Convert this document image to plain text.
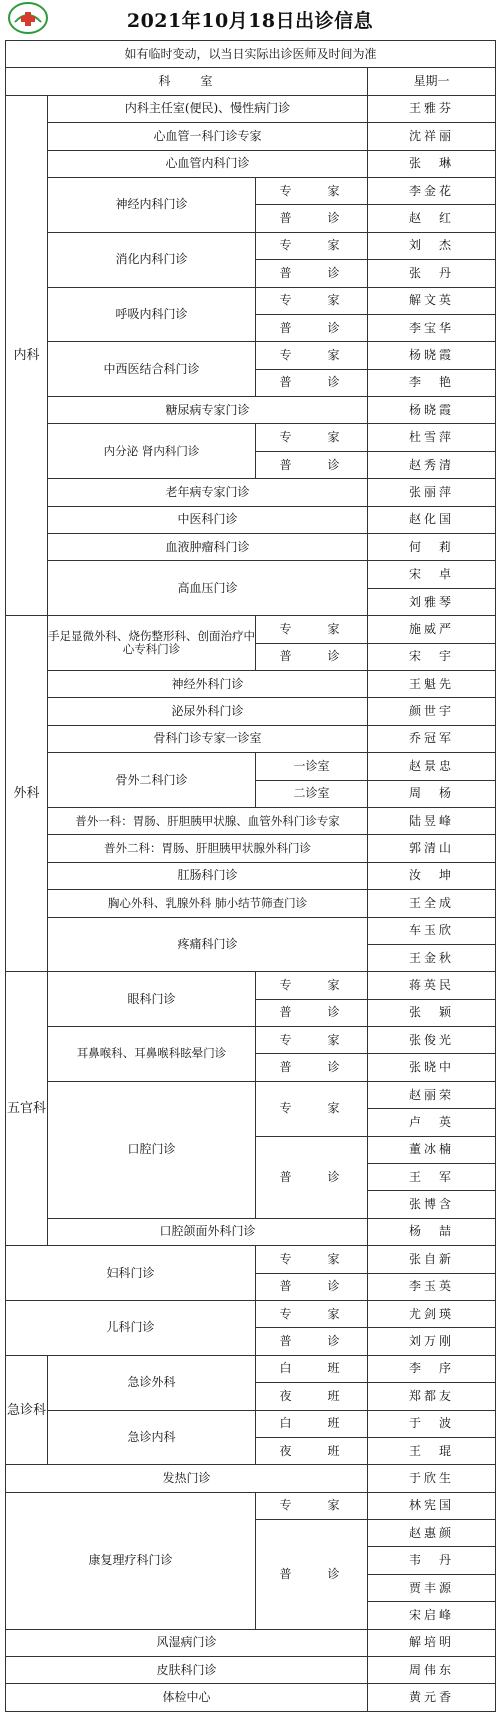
2021年10月18日出诊信息
如有临时变动，以当日实际出诊医师及时间为准				
科　　室			星期一	
内科	内科主任室(便民)、慢性病门诊		王雅芬	
	心血管一科门诊专家		沈祥丽	
	心血管内科门诊		张　琳	
	神经内科门诊	专　　家	李金花	
		普　　诊	赵　红	
	消化内科门诊	专　　家	刘　杰	
		普　　诊	张　丹	
	呼吸内科门诊	专　　家	解文英	
		普　　诊	李宝华	
	中西医结合科门诊	专　　家	杨晓霞	
		普　　诊	李　艳	
	糖尿病专家门诊		杨晓霞	
	内分泌 肾内科门诊	专　　家	杜雪萍	
		普　　诊	赵秀清	
	老年病专家门诊		张丽萍	
	中医科门诊		赵化国	
	血液肿瘤科门诊		何　莉	
	高血压门诊		宋　卓	
			刘雅琴	
外科	手足显微外科、烧伤整形科、创面治疗中心专科门诊	专　　家	施威严	
		普　　诊	宋　宇	
	神经外科门诊		王魁先	
	泌尿外科门诊		颜世宇	
	骨科门诊专家一诊室		乔冠军	
	骨外二科门诊	一诊室	赵景忠	
		二诊室	周　杨	
	普外一科：胃肠、肝胆胰甲状腺、血管外科门诊专家		陆昱峰	
	普外二科：胃肠、肝胆胰甲状腺外科门诊		郭清山	
	肛肠科门诊		汝　坤	
	胸心外科、乳腺外科 肺小结节筛查门诊		王全成	
	疼痛科门诊		车玉欣	
			王金秋	
五官科	眼科门诊	专　　家	蒋英民	
		普　　诊	张　颖	
	耳鼻喉科、耳鼻喉科眩晕门诊	专　　家	张俊光	
		普　　诊	张晓中	
	口腔门诊	专　　家	赵丽荣	
			卢　英	
		普　　诊	董冰楠	
			王　军	
			张博含	
	口腔颌面外科门诊		杨　喆	
妇科门诊		专　　家	张自新	
		普　　诊	李玉英	
儿科门诊		专　　家	尤剑瑛	
		普　　诊	刘万刚	
急诊科	急诊外科	白　　班	李　序	
		夜　　班	郑都友	
	急诊内科	白　　班	于　波	
		夜　　班	王　琨	
发热门诊			于欣生	
康复理疗科门诊		专　　家	林宪国	
		普　　诊	赵惠颜	
			韦　丹	
			贾丰源	
			宋启峰	
风湿病门诊			解培明	
皮肤科门诊			周伟东	
体检中心			黄元香	
